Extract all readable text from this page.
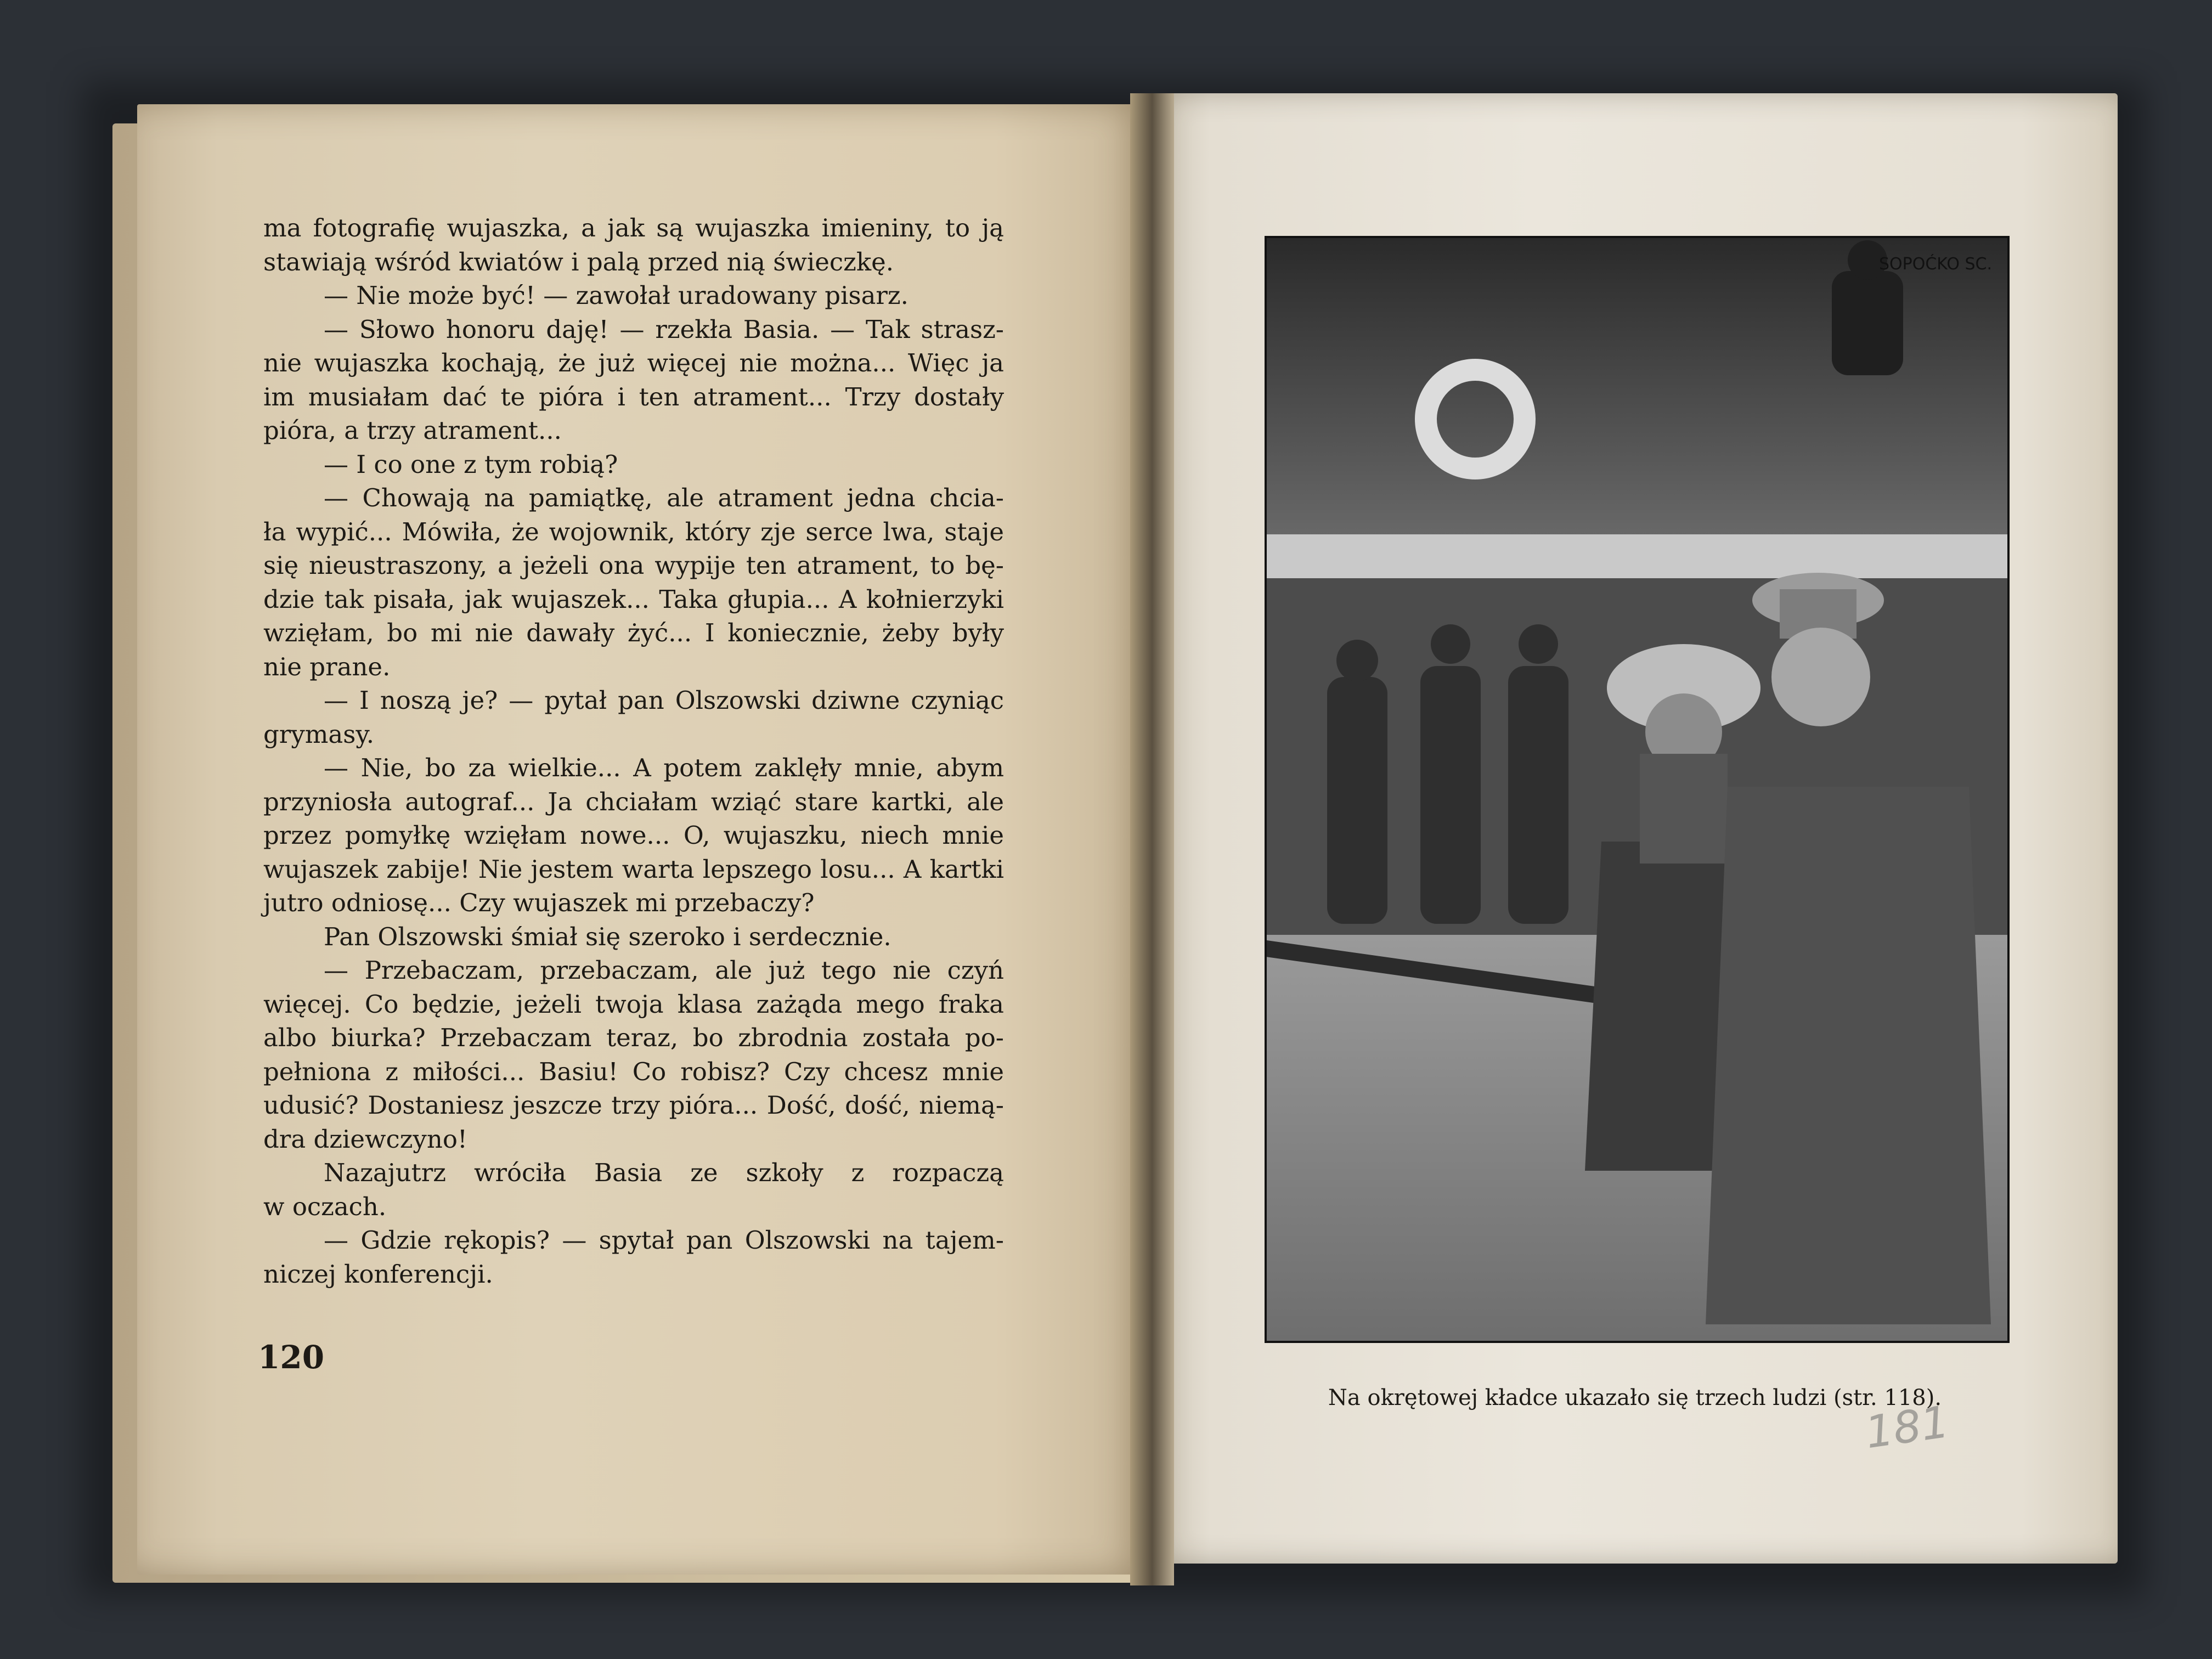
ma fotografię wujaszka, a jak są wujaszka imieniny, to ją

stawiają wśród kwiatów i palą przed nią świeczkę.

— Nie może być! — zawołał uradowany pisarz.

— Słowo honoru daję! — rzekła Basia. — Tak strasz-

nie wujaszka kochają, że już więcej nie można... Więc ja

im musiałam dać te pióra i ten atrament... Trzy dostały

pióra, a trzy atrament...

— I co one z tym robią?

— Chowają na pamiątkę, ale atrament jedna chcia-

ła wypić... Mówiła, że wojownik, który zje serce lwa, staje

się nieustraszony, a jeżeli ona wypije ten atrament, to bę-

dzie tak pisała, jak wujaszek... Taka głupia... A kołnierzyki

wzięłam, bo mi nie dawały żyć... I koniecznie, żeby były

nie prane.

— I noszą je? — pytał pan Olszowski dziwne czyniąc

grymasy.

— Nie, bo za wielkie... A potem zaklęły mnie, abym

przyniosła autograf... Ja chciałam wziąć stare kartki, ale

przez pomyłkę wzięłam nowe... O, wujaszku, niech mnie

wujaszek zabije! Nie jestem warta lepszego losu... A kartki

jutro odniosę... Czy wujaszek mi przebaczy?

Pan Olszowski śmiał się szeroko i serdecznie.

— Przebaczam, przebaczam, ale już tego nie czyń

więcej. Co będzie, jeżeli twoja klasa zażąda mego fraka

albo biurka? Przebaczam teraz, bo zbrodnia została po-

pełniona z miłości... Basiu! Co robisz? Czy chcesz mnie

udusić? Dostaniesz jeszcze trzy pióra... Dość, dość, niemą-

dra dziewczyno!

Nazajutrz wróciła Basia ze szkoły z rozpaczą

w oczach.

— Gdzie rękopis? — spytał pan Olszowski na tajem-

niczej konferencji.

120
SOPOĆKO SC.
Na okrętowej kładce ukazało się trzech ludzi (str. 118).
181
